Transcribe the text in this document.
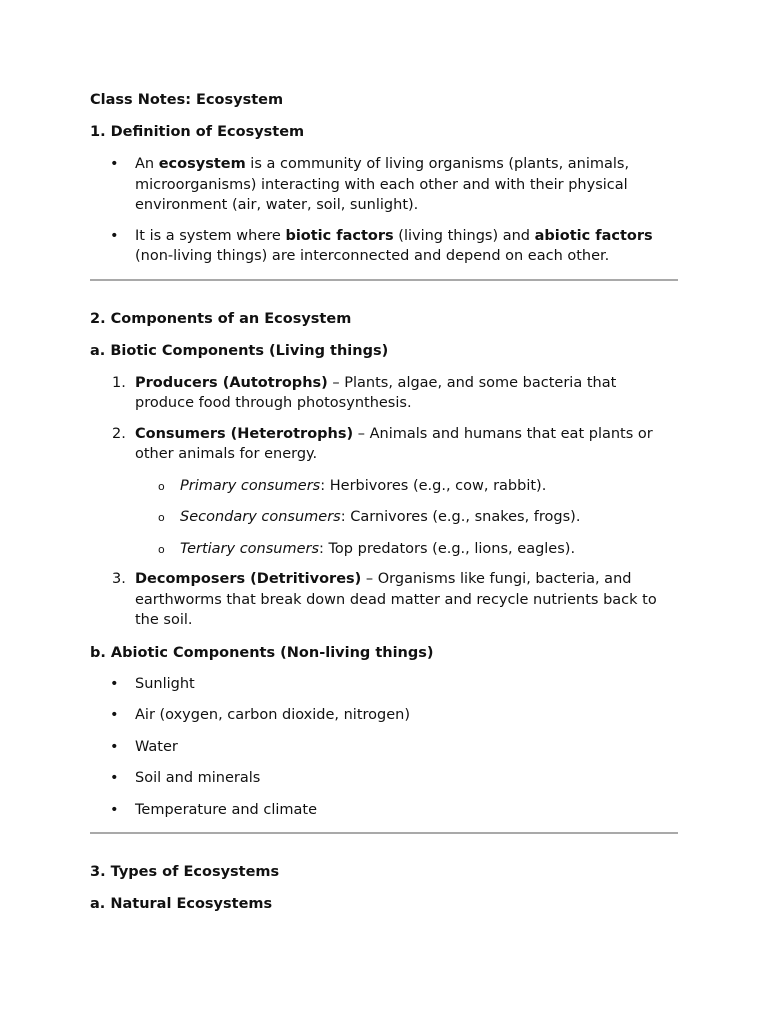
Class Notes: Ecosystem

1. Definition of Ecosystem

• An ecosystem is a community of living organisms (plants, animals, microorganisms) interacting with each other and with their physical environment (air, water, soil, sunlight).
• It is a system where biotic factors (living things) and abiotic factors (non-living things) are interconnected and depend on each other.

2. Components of an Ecosystem

a. Biotic Components (Living things)

1. Producers (Autotrophs) – Plants, algae, and some bacteria that produce food through photosynthesis.
2. Consumers (Heterotrophs) – Animals and humans that eat plants or other animals for energy.
o Primary consumers: Herbivores (e.g., cow, rabbit).
o Secondary consumers: Carnivores (e.g., snakes, frogs).
o Tertiary consumers: Top predators (e.g., lions, eagles).
3. Decomposers (Detritivores) – Organisms like fungi, bacteria, and earthworms that break down dead matter and recycle nutrients back to the soil.

b. Abiotic Components (Non-living things)

• Sunlight
• Air (oxygen, carbon dioxide, nitrogen)
• Water
• Soil and minerals
• Temperature and climate

3. Types of Ecosystems

a. Natural Ecosystems
